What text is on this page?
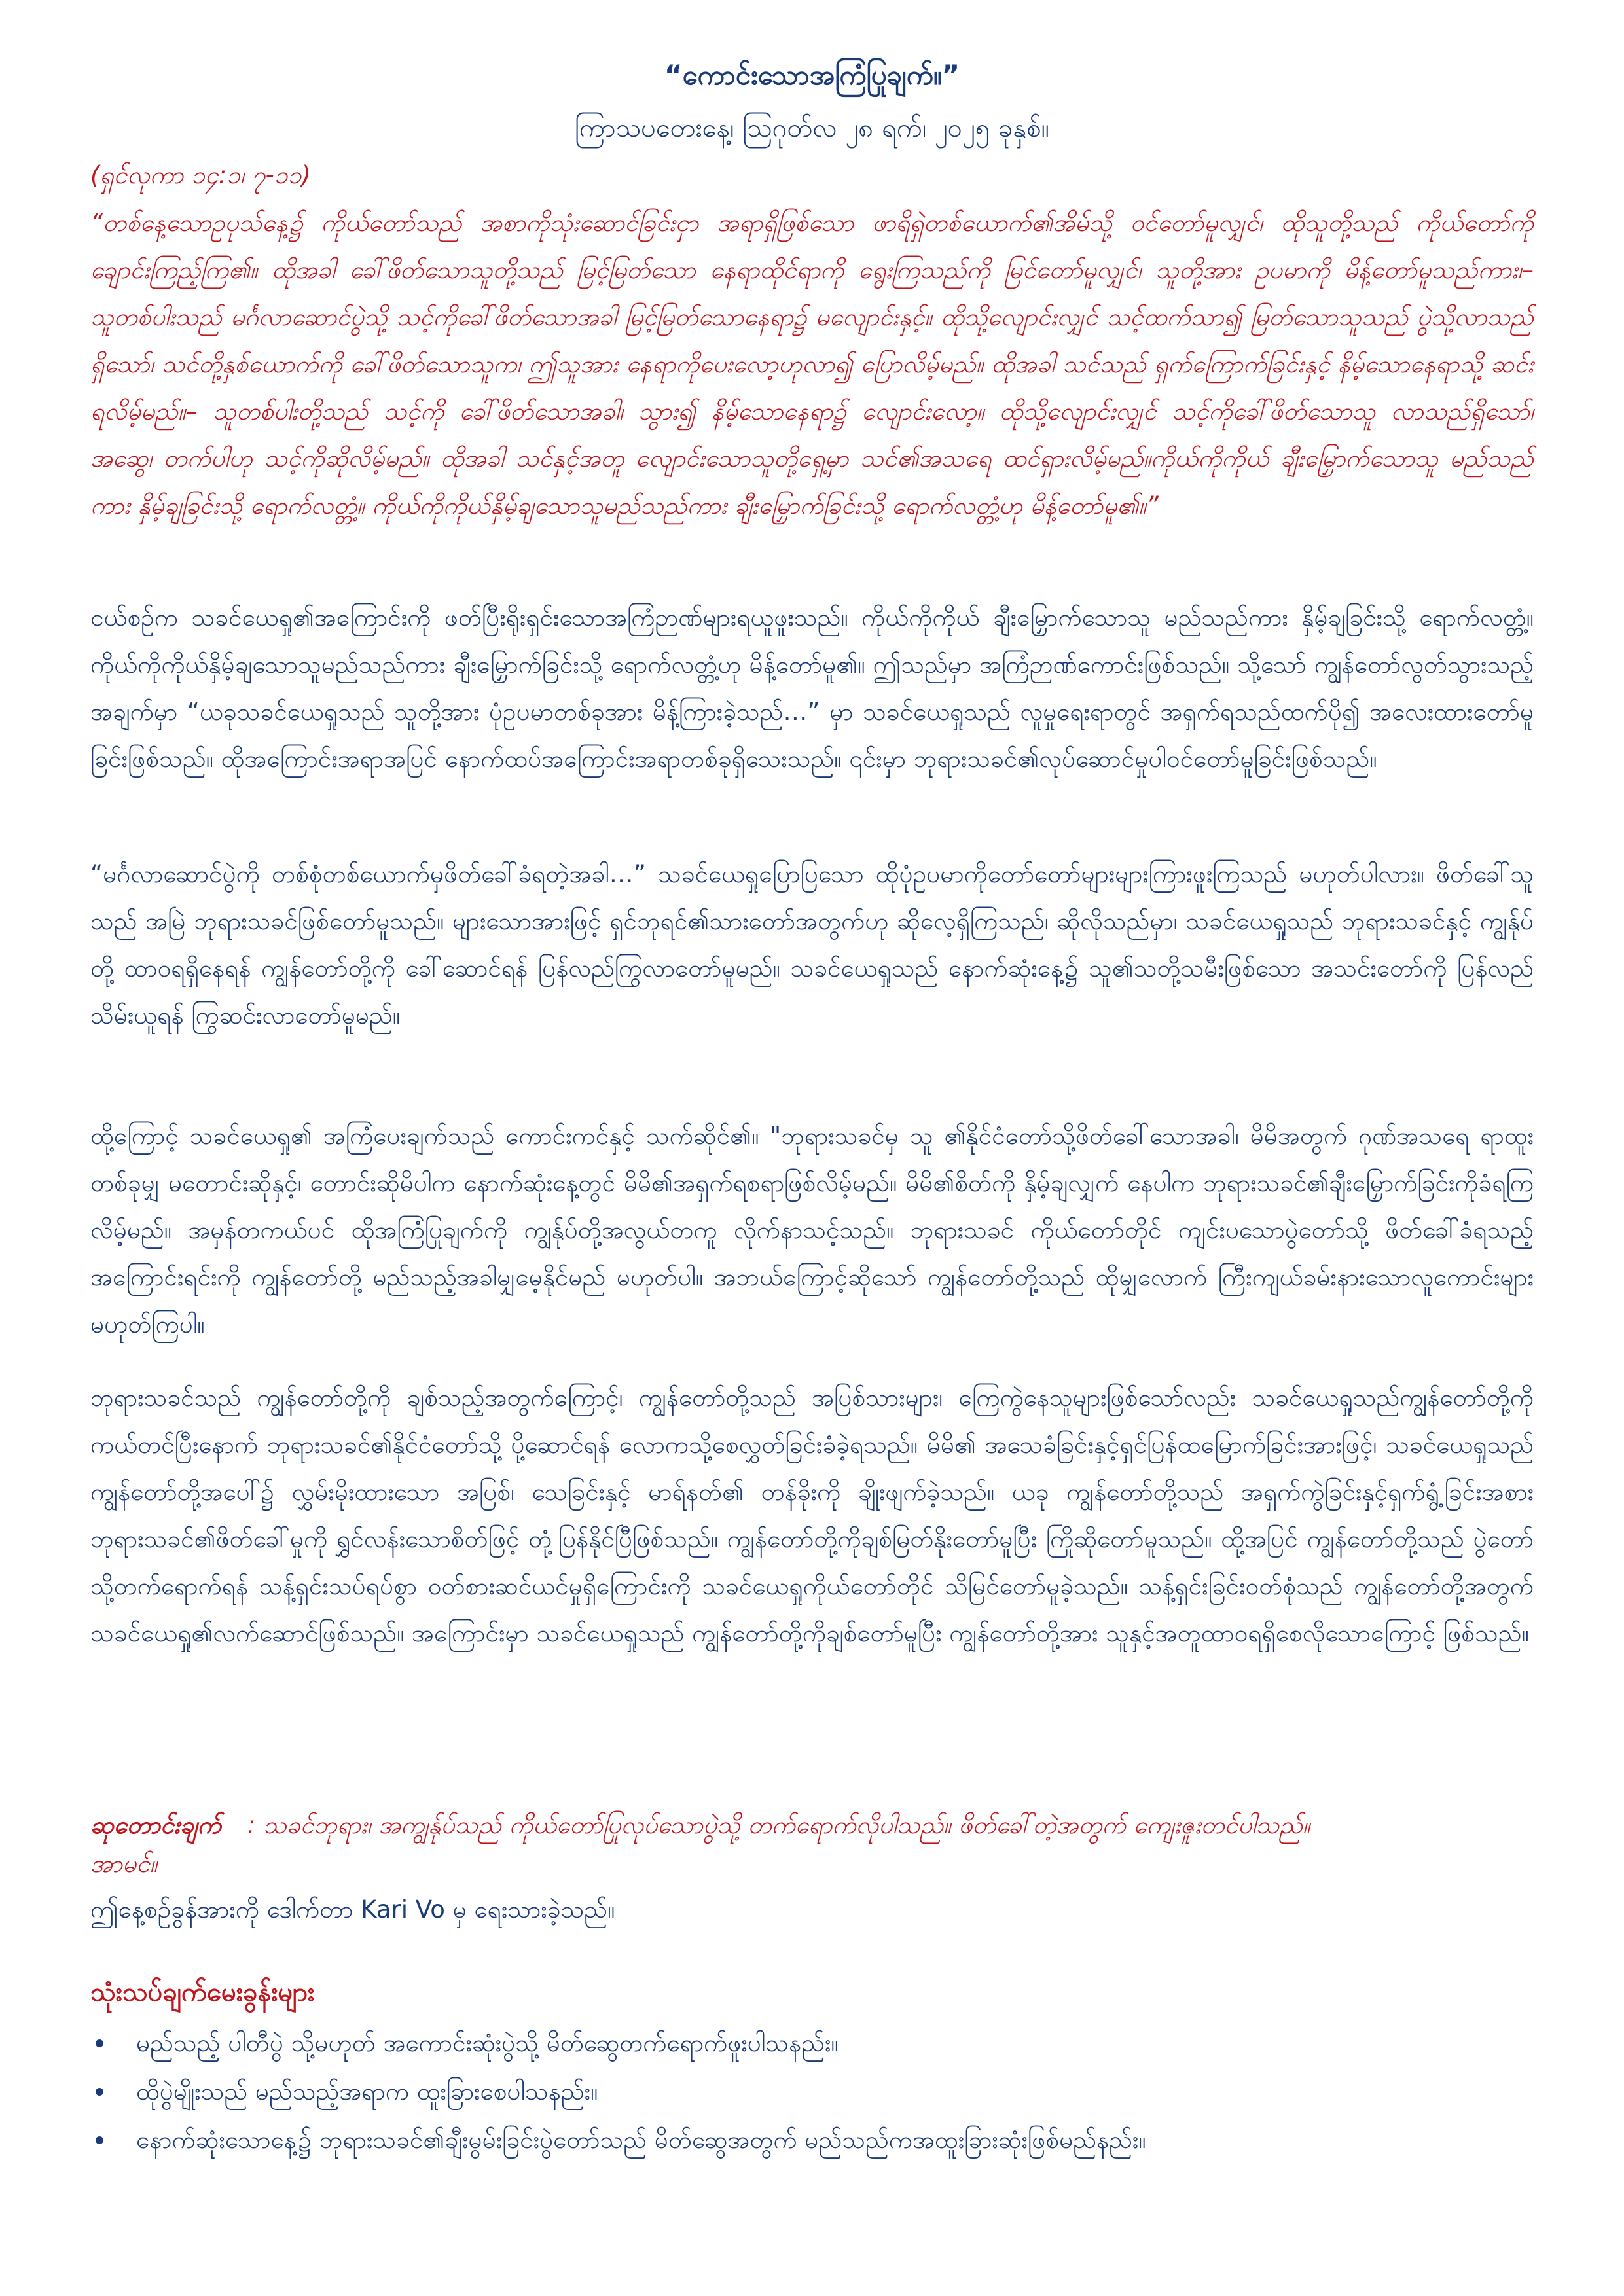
“ကောင်းသောအကြံပြုချက်။”
ကြာသပတေးနေ့၊ ဩဂုတ်လ ၂၈ ရက်၊ ၂၀၂၅ ခုနှစ်။
(ရှင်လုကာ ၁၄:၁၊ ၇-၁၁)
“တစ်နေ့သောဥပုသ်နေ့၌ ကိုယ်တော်သည် အစာကိုသုံးဆောင်ခြင်းငှာ အရာရှိဖြစ်သော ဖာရိရှဲတစ်ယောက်၏အိမ်သို့ ဝင်တော်မူလျှင်၊ ထိုသူတို့သည် ကိုယ်တော်ကို ချောင်းကြည့်ကြ၏။ ထိုအခါ ခေါ်ဖိတ်သောသူတို့သည် မြင့်မြတ်သော နေရာထိုင်ရာကို ရွေးကြသည်ကို မြင်တော်မူလျှင်၊ သူတို့အား ဥပမာကို မိန့်တော်မူသည်ကား၊– သူတစ်ပါးသည် မင်္ဂလာဆောင်ပွဲသို့ သင့်ကိုခေါ်ဖိတ်သောအခါ မြင့်မြတ်သောနေရာ၌ မလျောင်းနှင့်။ ထိုသို့လျောင်းလျှင် သင့်ထက်သာ၍ မြတ်သောသူသည် ပွဲသို့လာသည်ရှိသော်၊ သင်တို့နှစ်ယောက်ကို ခေါ်ဖိတ်သောသူက၊ ဤသူအား နေရာကိုပေးလော့ဟုလာ၍ ပြောလိမ့်မည်။ ထိုအခါ သင်သည် ရှက်ကြောက်ခြင်းနှင့် နိမ့်သောနေရာသို့ ဆင်းရလိမ့်မည်။– သူတစ်ပါးတို့သည် သင့်ကို ခေါ်ဖိတ်သောအခါ၊ သွား၍ နိမ့်သောနေရာ၌ လျောင်းလော့။ ထိုသို့လျောင်းလျှင် သင့်ကိုခေါ်ဖိတ်သောသူ လာသည်ရှိသော်၊ အဆွေ၊ တက်ပါဟု သင့်ကိုဆိုလိမ့်မည်။ ထိုအခါ သင်နှင့်အတူ လျောင်းသောသူတို့ရှေ့မှာ သင်၏အသရေ ထင်ရှားလိမ့်မည်။ကိုယ်ကိုကိုယ် ချီးမြှောက်သောသူ မည်သည်ကား နှိမ့်ချခြင်းသို့ ရောက်လတ္တံ့။ ကိုယ်ကိုကိုယ်နှိမ့်ချသောသူမည်သည်ကား ချီးမြှောက်ခြင်းသို့ ရောက်လတ္တံ့ဟု မိန့်တော်မူ၏။”
ငယ်စဉ်က သခင်ယေရှု၏အကြောင်းကို ဖတ်ပြီးရိုးရှင်းသောအကြံဉာဏ်များရယူဖူးသည်။ ကိုယ်ကိုကိုယ် ချီးမြှောက်သောသူ မည်သည်ကား နှိမ့်ချခြင်းသို့ ရောက်လတ္တံ့။ ကိုယ်ကိုကိုယ်နှိမ့်ချသောသူမည်သည်ကား ချီးမြှောက်ခြင်းသို့ ရောက်လတ္တံ့ဟု မိန့်တော်မူ၏။ ဤသည်မှာ အကြံဉာဏ်ကောင်းဖြစ်သည်။ သို့သော် ကျွန်တော်လွတ်သွားသည့်အချက်မှာ “ယခုသခင်ယေရှုသည် သူတို့အား ပုံဥပမာတစ်ခုအား မိန့်ကြားခဲ့သည်…” မှာ သခင်ယေရှုသည် လူမှုရေးရာတွင် အရှက်ရသည်ထက်ပို၍ အလေးထားတော်မူခြင်းဖြစ်သည်။ ထိုအကြောင်းအရာအပြင် နောက်ထပ်အကြောင်းအရာတစ်ခုရှိသေးသည်။ ၎င်းမှာ ဘုရားသခင်၏လုပ်ဆောင်မှုပါဝင်တော်မူခြင်းဖြစ်သည်။
“မင်္ဂလာဆောင်ပွဲကို တစ်စုံတစ်ယောက်မှဖိတ်ခေါ်ခံရတဲ့အခါ…” သခင်ယေရှုပြောပြသော ထိုပုံဥပမာကိုတော်တော်များများကြားဖူးကြသည် မဟုတ်ပါလား။ ဖိတ်ခေါ်သူသည် အမြဲ ဘုရားသခင်ဖြစ်တော်မူသည်။ များသောအားဖြင့် ရှင်ဘုရင်၏သားတော်အတွက်ဟု ဆိုလေ့ရှိကြသည်၊ ဆိုလိုသည်မှာ၊ သခင်ယေရှုသည် ဘုရားသခင်နှင့် ကျွန်ုပ်တို့ ထာဝရရှိနေရန် ကျွန်တော်တို့ကို ခေါ်ဆောင်ရန် ပြန်လည်ကြွလာတော်မူမည်။ သခင်ယေရှုသည် နောက်ဆုံးနေ့၌ သူ၏သတို့သမီးဖြစ်သော အသင်းတော်ကို ပြန်လည်သိမ်းယူရန် ကြွဆင်းလာတော်မူမည်။
ထို့ကြောင့် သခင်ယေရှု၏ အကြံပေးချက်သည် ကောင်းကင်နှင့် သက်ဆိုင်၏။ "ဘုရားသခင်မှ သူ ၏နိုင်ငံတော်သို့ဖိတ်ခေါ်သောအခါ၊ မိမိအတွက် ဂုဏ်အသရေ ရာထူးတစ်ခုမျှ မတောင်းဆိုနှင့်၊ တောင်းဆိုမိပါက နောက်ဆုံးနေ့တွင် မိမိ၏အရှက်ရစရာဖြစ်လိမ့်မည်။ မိမိ၏စိတ်ကို နှိမ့်ချလျှက် နေပါက ဘုရားသခင်၏ချီးမြှောက်ခြင်းကိုခံရကြလိမ့်မည်။ အမှန်တကယ်ပင် ထိုအကြံပြုချက်ကို ကျွန်ုပ်တို့အလွယ်တကူ လိုက်နာသင့်သည်။ ဘုရားသခင် ကိုယ်တော်တိုင် ကျင်းပသောပွဲတော်သို့ ဖိတ်ခေါ်ခံရသည့် အကြောင်းရင်းကို ကျွန်တော်တို့ မည်သည့်အခါမျှမေ့နိုင်မည် မဟုတ်ပါ။ အဘယ်ကြောင့်ဆိုသော် ကျွန်တော်တို့သည် ထိုမျှလောက် ကြီးကျယ်ခမ်းနားသောလူကောင်းများမဟုတ်ကြပါ။
ဘုရားသခင်သည် ကျွန်တော်တို့ကို ချစ်သည့်အတွက်ကြောင့်၊ ကျွန်တော်တို့သည် အပြစ်သားများ၊ ကြေကွဲနေသူများဖြစ်သော်လည်း သခင်ယေရှုသည်ကျွန်တော်တို့ကို ကယ်တင်ပြီးနောက် ဘုရားသခင်၏နိုင်ငံတော်သို့ ပို့ဆောင်ရန် လောကသို့စေလွှတ်ခြင်းခံခဲ့ရသည်။ မိမိ၏ အသေခံခြင်းနှင့်ရှင်ပြန်ထမြောက်ခြင်းအားဖြင့်၊ သခင်ယေရှုသည် ကျွန်တော်တို့အပေါ်၌ လွှမ်းမိုးထားသော အပြစ်၊ သေခြင်းနှင့် မာရ်နတ်၏ တန်ခိုးကို ချိုးဖျက်ခဲ့သည်။ ယခု ကျွန်တော်တို့သည် အရှက်ကွဲခြင်းနှင့်ရှက်ရွံ့ခြင်းအစား ဘုရားသခင်၏ဖိတ်ခေါ်မှုကို ရွှင်လန်းသောစိတ်ဖြင့် တုံ့ပြန်နိုင်ပြီဖြစ်သည်။ ကျွန်တော်တို့ကိုချစ်မြတ်နိုးတော်မူပြီး ကြိုဆိုတော်မူသည်။ ထို့အပြင် ကျွန်တော်တို့သည် ပွဲတော်သို့တက်ရောက်ရန် သန့်ရှင်းသပ်ရပ်စွာ ဝတ်စားဆင်ယင်မှုရှိကြောင်းကို သခင်ယေရှုကိုယ်တော်တိုင် သိမြင်တော်မူခဲ့သည်။ သန့်ရှင်းခြင်းဝတ်စုံသည် ကျွန်တော်တို့အတွက် သခင်ယေရှု၏လက်ဆောင်ဖြစ်သည်။ အကြောင်းမှာ သခင်ယေရှုသည် ကျွန်တော်တို့ကိုချစ်တော်မူပြီး ကျွန်တော်တို့အား သူနှင့်အတူထာဝရရှိစေလိုသောကြောင့် ဖြစ်သည်။
ဆုတောင်းချက် : သခင်ဘုရား၊ အကျွန်ုပ်သည် ကိုယ်တော်ပြုလုပ်သောပွဲသို့ တက်ရောက်လိုပါသည်။ ဖိတ်ခေါ်တဲ့အတွက် ကျေးဇူးတင်ပါသည်။
အာမင်။
ဤနေ့စဉ်ခွန်အားကို ဒေါက်တာ Kari Vo မှ ရေးသားခဲ့သည်။
သုံးသပ်ချက်မေးခွန်းများ
မည်သည့် ပါတီပွဲ သို့မဟုတ် အကောင်းဆုံးပွဲသို့ မိတ်ဆွေတက်ရောက်ဖူးပါသနည်း။
ထိုပွဲမျိုးသည် မည်သည့်အရာက ထူးခြားစေပါသနည်း။
နောက်ဆုံးသောနေ့၌ ဘုရားသခင်၏ချီးမွမ်းခြင်းပွဲတော်သည် မိတ်ဆွေအတွက် မည်သည်ကအထူးခြားဆုံးဖြစ်မည်နည်း။
